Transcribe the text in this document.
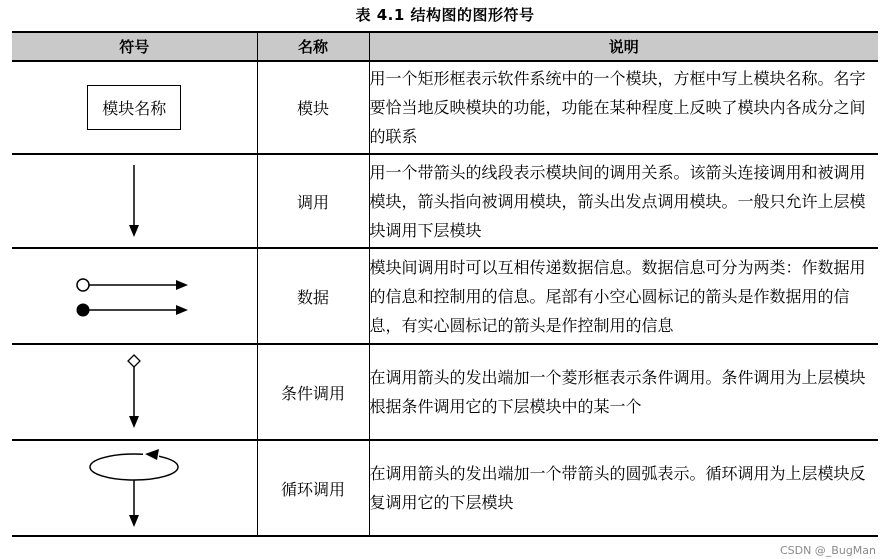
表 4.1 结构图的图形符号
符号	名称	说明
模块名称	模块	用一个矩形框表示软件系统中的一个模块，方框中写上模块名称。名字要恰当地反映模块的功能，功能在某种程度上反映了模块内各成分之间的联系

	调用	用一个带箭头的线段表示模块间的调用关系。该箭头连接调用和被调用模块，箭头指向被调用模块，箭头出发点调用模块。一般只允许上层模块调用下层模块

	数据	模块间调用时可以互相传递数据信息。数据信息可分为两类：作数据用的信息和控制用的信息。尾部有小空心圆标记的箭头是作数据用的信息，有实心圆标记的箭头是作控制用的信息

	条件调用	在调用箭头的发出端加一个菱形框表示条件调用。条件调用为上层模块根据条件调用它的下层模块中的某一个

	循环调用	在调用箭头的发出端加一个带箭头的圆弧表示。循环调用为上层模块反复调用它的下层模块
CSDN @_BugMan
